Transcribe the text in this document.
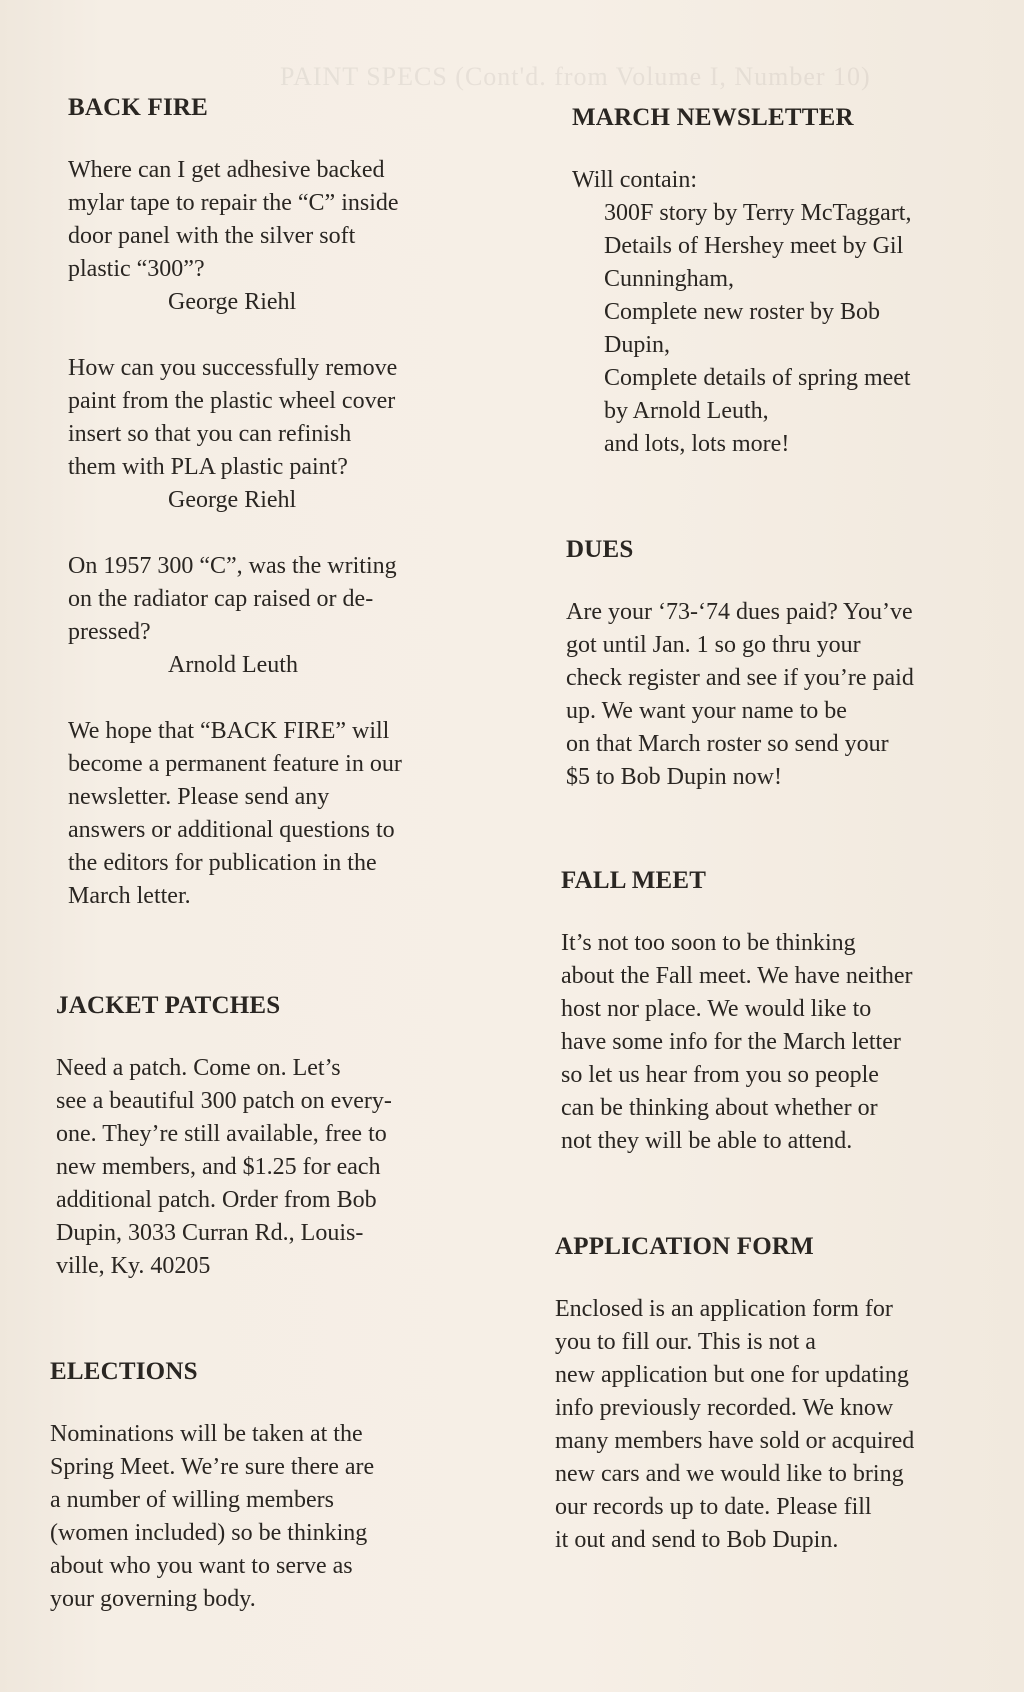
PAINT SPECS (Cont'd. from Volume I, Number 10)
BACK FIRE

Where can I get adhesive backed

mylar tape to repair the “C” inside

door panel with the silver soft

plastic “300”?

George Riehl

How can you successfully remove

paint from the plastic wheel cover

insert so that you can refinish

them with PLA plastic paint?

George Riehl

On 1957 300 “C”, was the writing

on the radiator cap raised or de-

pressed?

Arnold Leuth

We hope that “BACK FIRE” will

become a permanent feature in our

newsletter. Please send any

answers or additional questions to

the editors for publication in the

March letter.

JACKET PATCHES

Need a patch. Come on. Let’s

see a beautiful 300 patch on every-

one. They’re still available, free to

new members, and $1.25 for each

additional patch. Order from Bob

Dupin, 3033 Curran Rd., Louis-

ville, Ky. 40205

ELECTIONS

Nominations will be taken at the

Spring Meet. We’re sure there are

a number of willing members

(women included) so be thinking

about who you want to serve as

your governing body.

MARCH NEWSLETTER

Will contain:

300F story by Terry McTaggart,

Details of Hershey meet by Gil

Cunningham,

Complete new roster by Bob

Dupin,

Complete details of spring meet

by Arnold Leuth,

and lots, lots more!

DUES

Are your ‘73-‘74 dues paid? You’ve

got until Jan. 1 so go thru your

check register and see if you’re paid

up. We want your name to be

on that March roster so send your

$5 to Bob Dupin now!

FALL MEET

It’s not too soon to be thinking

about the Fall meet. We have neither

host nor place. We would like to

have some info for the March letter

so let us hear from you so people

can be thinking about whether or

not they will be able to attend.

APPLICATION FORM

Enclosed is an application form for

you to fill our. This is not a

new application but one for updating

info previously recorded. We know

many members have sold or acquired

new cars and we would like to bring

our records up to date. Please fill

it out and send to Bob Dupin.
